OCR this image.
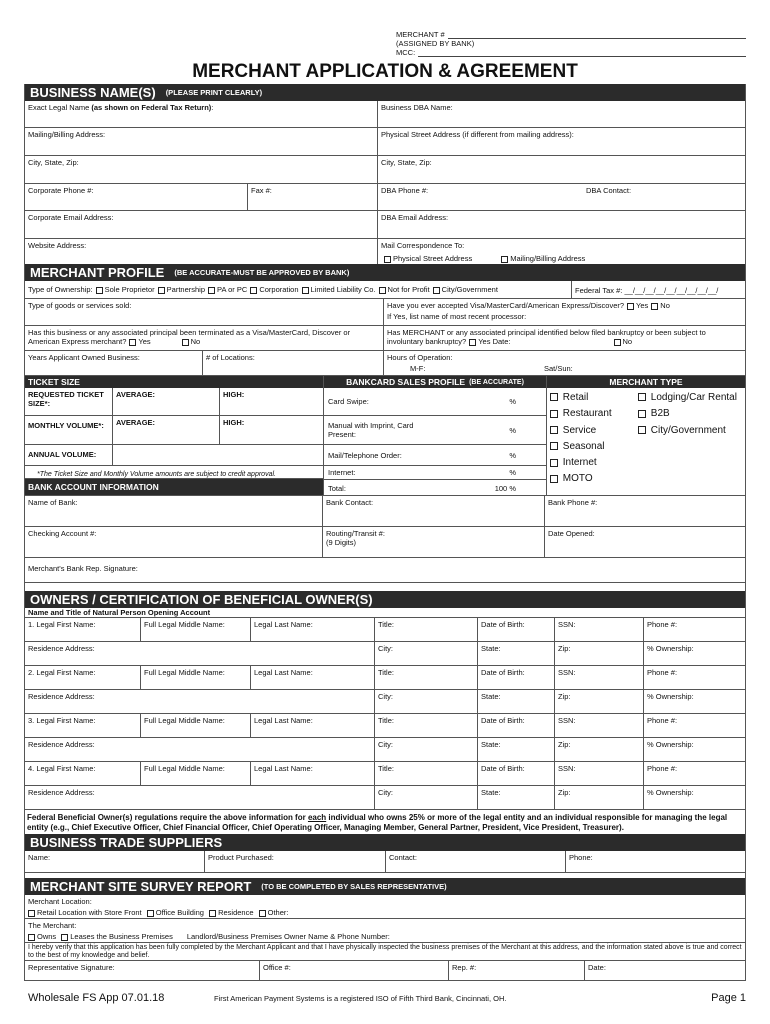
MERCHANT #
(ASSIGNED BY BANK)
MCC:
MERCHANT APPLICATION & AGREEMENT
BUSINESS NAME(S) (PLEASE PRINT CLEARLY)
Exact Legal Name (as shown on Federal Tax Return):	Business DBA Name:
Mailing/Billing Address:	Physical Street Address (if different from mailing address):
City, State, Zip:	City, State, Zip:
Corporate Phone #:	Fax #:	DBA Phone #:	DBA Contact:
Corporate Email Address:	DBA Email Address:
Website Address:	Mail Correspondence To:
Physical Street Address	Mailing/Billing Address
MERCHANT PROFILE (BE ACCURATE-MUST BE APPROVED BY BANK)
Type of Ownership: Sole Proprietor Partnership PA or PC Corporation Limited Liability Co. Not for Profit City/Government	Federal Tax #: __/__/__/__/__/__/__/__/__/
Type of goods or services sold:	Have you ever accepted Visa/MasterCard/American Express/Discover? Yes No
If Yes, list name of most recent processor:
Has this business or any associated principal been terminated as a Visa/MasterCard, Discover or American Express merchant? Yes	No
Has MERCHANT or any associated principal identified below filed bankruptcy or been subject to involuntary bankruptcy? Yes Date:	No
Years Applicant Owned Business:	# of Locations:	Hours of Operation:
M-F:	Sat/Sun:
TICKET SIZE
REQUESTED TICKET SIZE*:
AVERAGE:	HIGH:
MONTHLY VOLUME*:	AVERAGE:	HIGH:
ANNUAL VOLUME:
*The Ticket Size and Monthly Volume amounts are subject to credit approval.
BANK ACCOUNT INFORMATION
BANKCARD SALES PROFILE (BE ACCURATE)
Card Swipe:	%
Manual with Imprint, Card Present:	%
Mail/Telephone Order:	%
Internet:	%
Total:	100 %
MERCHANT TYPE
Retail
Restaurant
Service
Seasonal
Internet
MOTO
Lodging/Car Rental
B2B
City/Government
Name of Bank:	Bank Contact:	Bank Phone #:
Checking Account #:	Routing/Transit #:
(9 Digits)
Date Opened:
Merchant's Bank Rep. Signature:
OWNERS / CERTIFICATION OF BENEFICIAL OWNER(S)
Name and Title of Natural Person Opening Account
1. Legal First Name:	Full Legal Middle Name:	Legal Last Name:	Title:	Date of Birth:	SSN:	Phone #:
Residence Address:	City:	State:	Zip:	% Ownership:
2. Legal First Name:	Full Legal Middle Name:	Legal Last Name:	Title:	Date of Birth:	SSN:	Phone #:
Residence Address:	City:	State:	Zip:	% Ownership:
3. Legal First Name:	Full Legal Middle Name:	Legal Last Name:	Title:	Date of Birth:	SSN:	Phone #:
Residence Address:	City:	State:	Zip:	% Ownership:
4. Legal First Name:	Full Legal Middle Name:	Legal Last Name:	Title:	Date of Birth:	SSN:	Phone #:
Residence Address:	City:	State:	Zip:	% Ownership:
Federal Beneficial Owner(s) regulations require the above information for each individual who owns 25% or more of the legal entity and an individual responsible for managing the legal entity (e.g., Chief Executive Officer, Chief Financial Officer, Chief Operating Officer, Managing Member, General Partner, President, Vice President, Treasurer).
BUSINESS TRADE SUPPLIERS
Name:	Product Purchased:	Contact:	Phone:
MERCHANT SITE SURVEY REPORT (TO BE COMPLETED BY SALES REPRESENTATIVE)
Merchant Location:
Retail Location with Store Front Office Building Residence Other:
The Merchant:
Owns Leases the Business Premises Landlord/Business Premises Owner Name & Phone Number:
I hereby verify that this application has been fully completed by the Merchant Applicant and that I have physically inspected the business premises of the Merchant at this address, and the information stated above is true and correct to the best of my knowledge and belief.
Representative Signature:	Office #:	Rep. #:	Date:
Wholesale FS App 07.01.18	First American Payment Systems is a registered ISO of Fifth Third Bank, Cincinnati, OH.	Page 1
